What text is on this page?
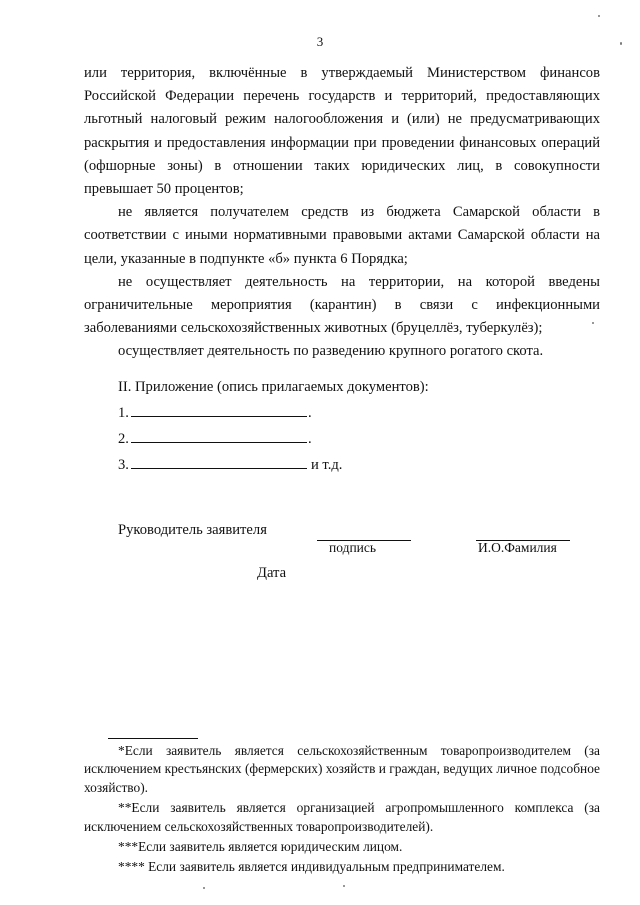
3

или территория, включённые в утверждаемый Министерством финансов Российской Федерации перечень государств и территорий, предоставляющих льготный налоговый режим налогообложения и (или) не предусматривающих раскрытия и предоставления информации при проведении финансовых операций (офшорные зоны) в отношении таких юридических лиц, в совокупности превышает 50 процентов;

не является получателем средств из бюджета Самарской области в соответствии с иными нормативными правовыми актами Самарской области на цели, указанные в подпункте «б» пункта 6 Порядка;

не осуществляет деятельность на территории, на которой введены ограничительные мероприятия (карантин) в связи с инфекционными заболеваниями сельскохозяйственных животных (бруцеллёз, туберкулёз);

осуществляет деятельность по разведению крупного рогатого скота.

II. Приложение (опись прилагаемых документов):
1.	.
2.	.
3.	и т.д.
Руководитель заявителя
подпись	И.О.Фамилия
Дата

*Если заявитель является сельскохозяйственным товаропроизводителем (за исключением крестьянских (фермерских) хозяйств и граждан, ведущих личное подсобное хозяйство).

**Если заявитель является организацией агропромышленного комплекса (за исключением сельскохозяйственных товаропроизводителей).

***Если заявитель является юридическим лицом.

**** Если заявитель является индивидуальным предпринимателем.
